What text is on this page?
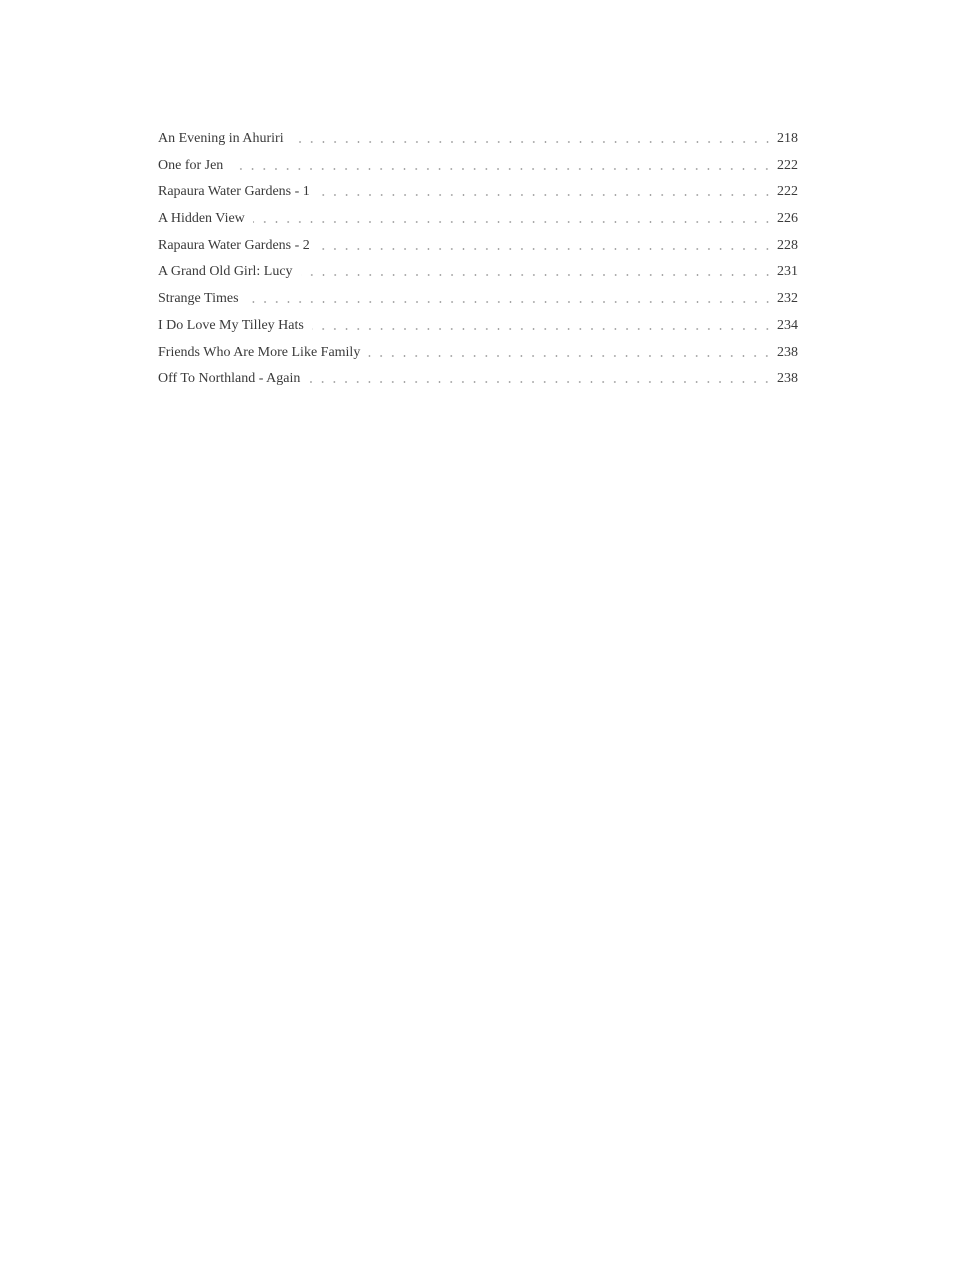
An Evening in Ahuriri	218
One for Jen	222
Rapaura Water Gardens - 1	222
A Hidden View	226
Rapaura Water Gardens - 2	228
A Grand Old Girl: Lucy	231
Strange Times	232
I Do Love My Tilley Hats	234
Friends Who Are More Like Family	238
Off To Northland - Again	238
